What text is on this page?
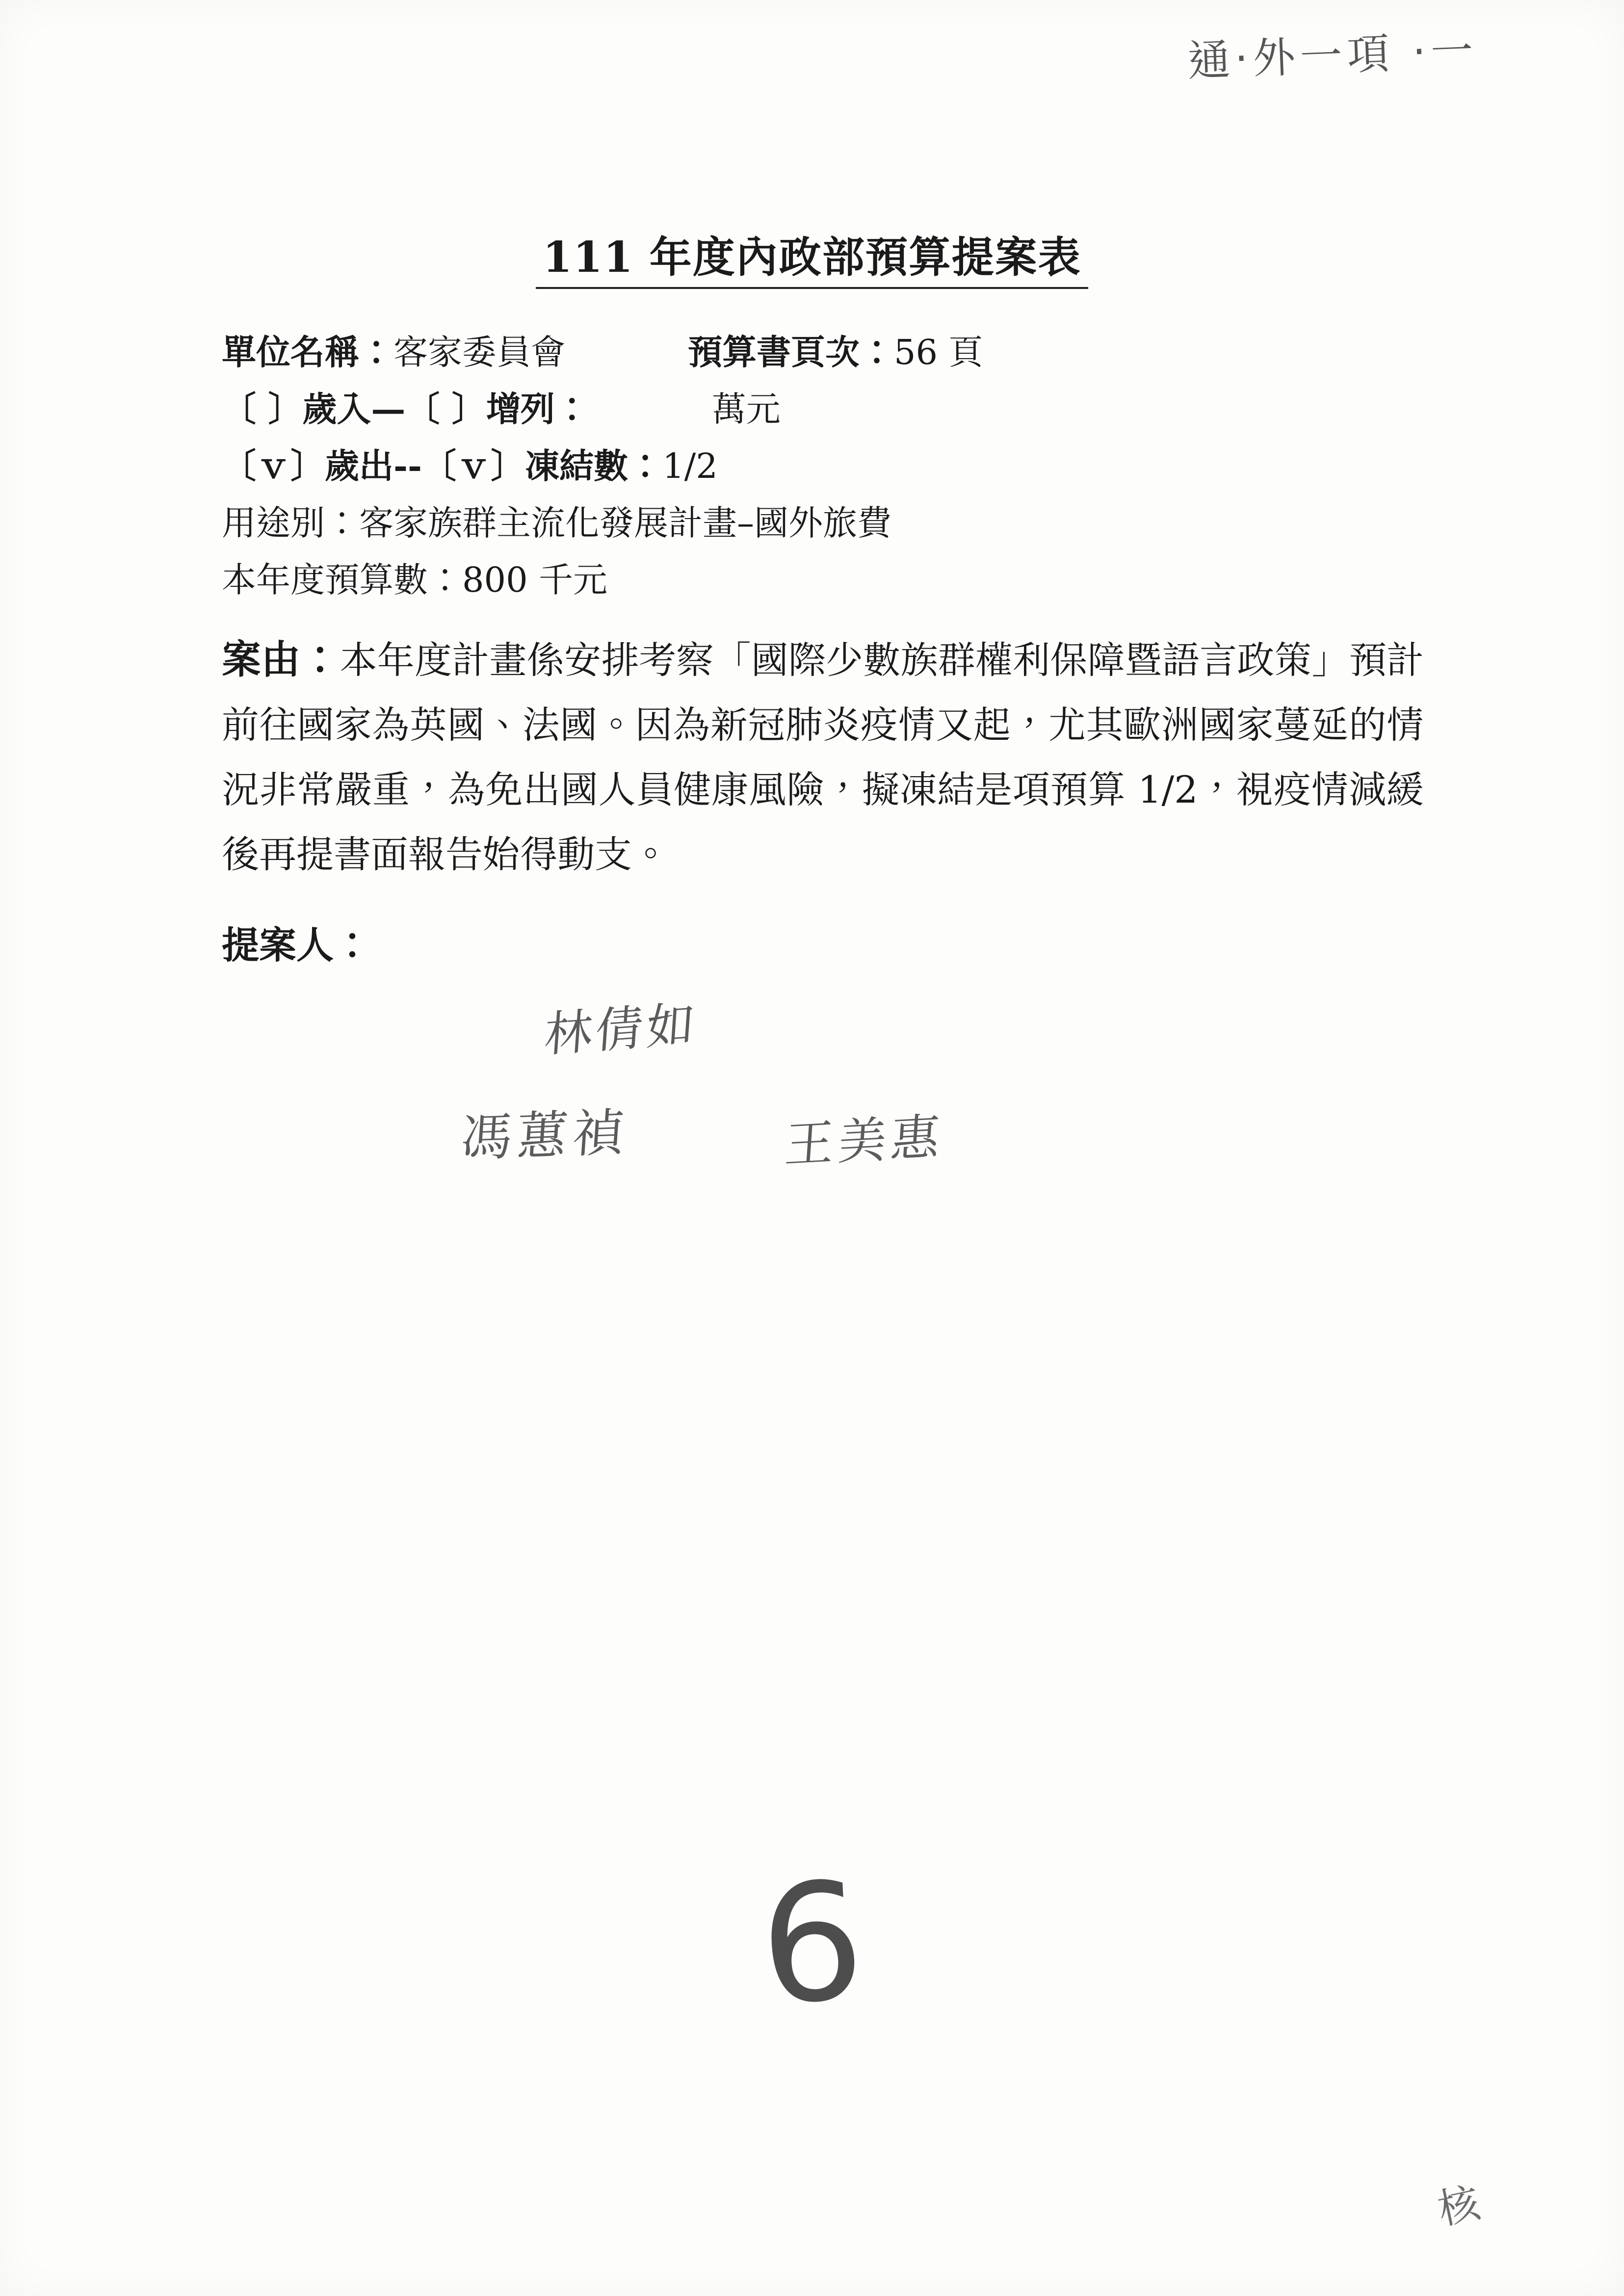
通‧外一項 ‧一
111 年度內政部預算提案表
單位名稱：客家委員會	預算書頁次：56 頁
〔 〕歲入—〔 〕增列：	萬元
〔ｖ〕歲出--〔ｖ〕凍結數：1/2
用途別：客家族群主流化發展計畫–國外旅費
本年度預算數：800 千元
案由：本年度計畫係安排考察「國際少數族群權利保障暨語言政策」預計前往國家為英國、法國。因為新冠肺炎疫情又起，尤其歐洲國家蔓延的情況非常嚴重，為免出國人員健康風險，擬凍結是項預算 1/2，視疫情減緩後再提書面報告始得動支。
提案人：
林倩如
馮蕙禎	王美惠
6
核
